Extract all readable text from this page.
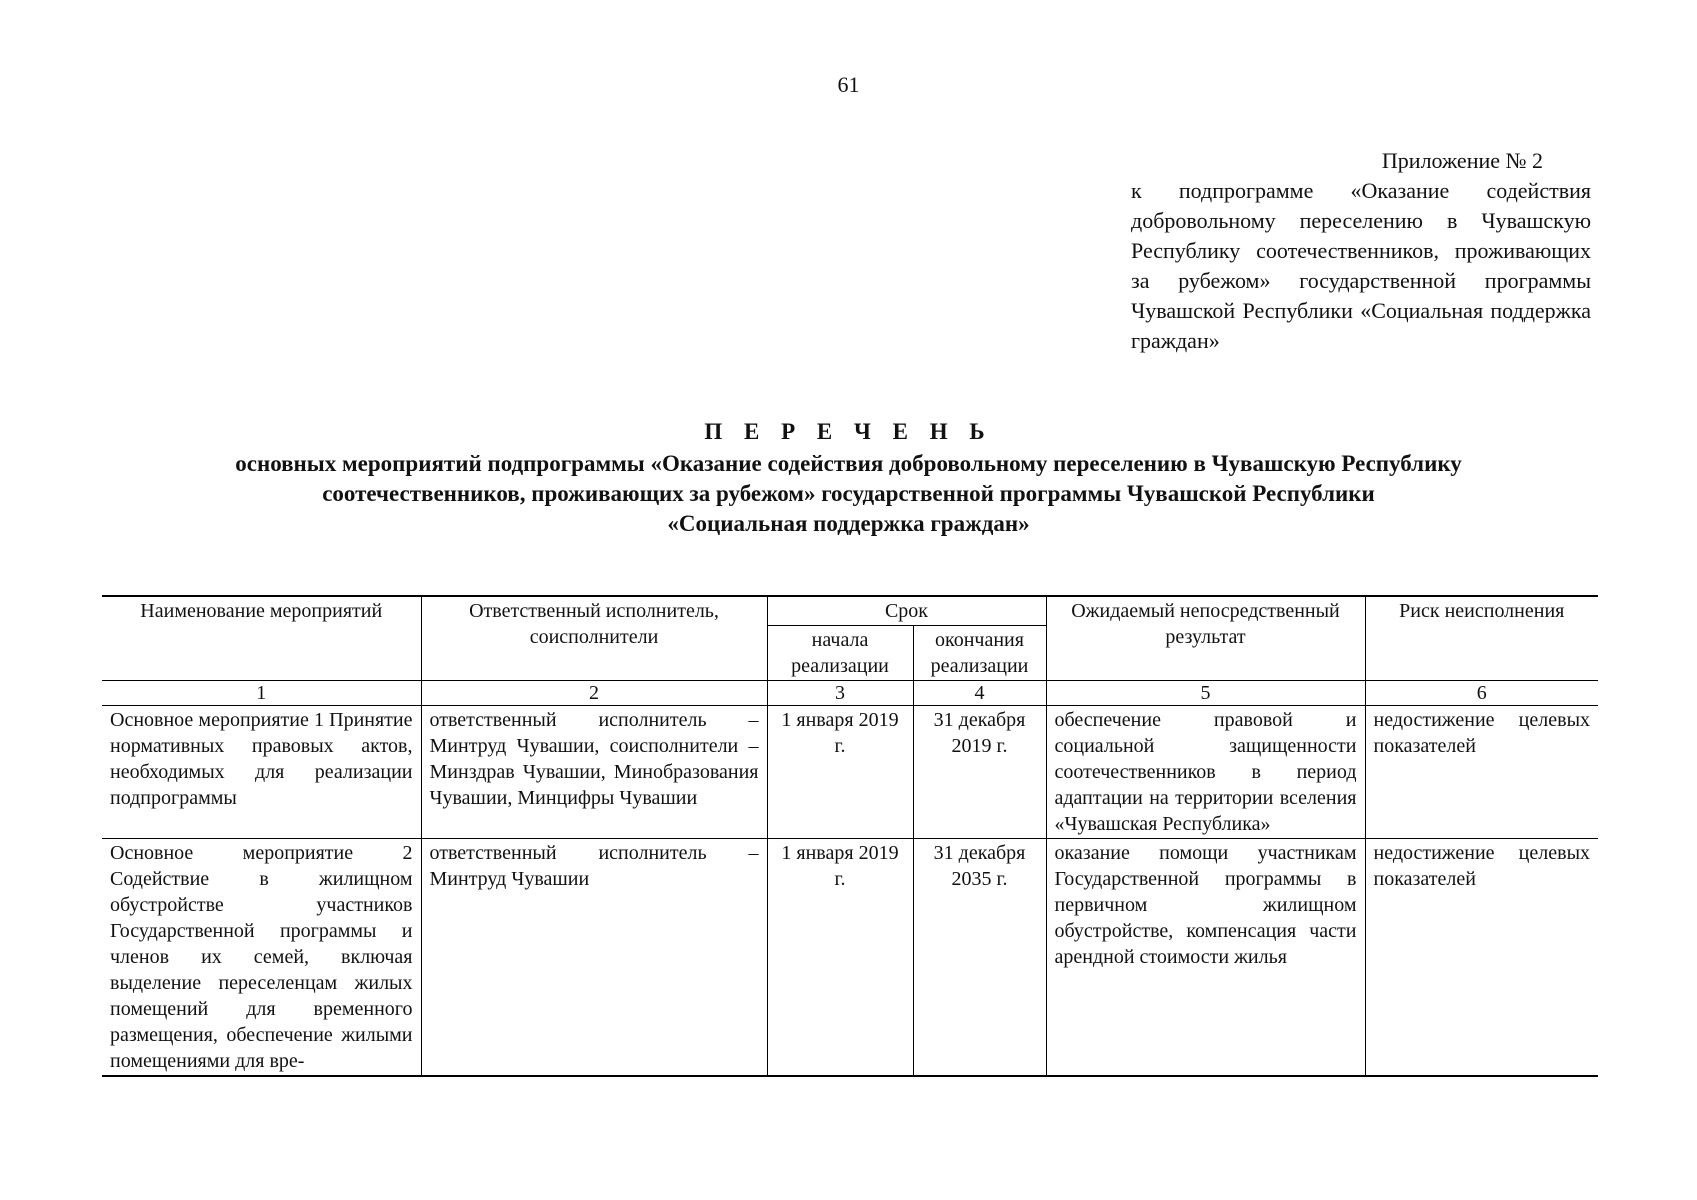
61
Приложение № 2
к подпрограмме «Оказание содействия добровольному переселению в Чувашскую Республику соотечественников, проживающих за рубежом» государственной программы Чувашской Республики «Социальная поддержка граждан»
П Е Р Е Ч Е Н Ь
основных мероприятий подпрограммы «Оказание содействия добровольному переселению в Чувашскую Республику
соотечественников, проживающих за рубежом» государственной программы Чувашской Республики
«Социальная поддержка граждан»
Наименование мероприятий	Ответственный исполнитель, соисполнители	Срок		Ожидаемый непосредственный результат	Риск неисполнения
		начала реализации	окончания реализации		
1	2	3	4	5	6
Основное мероприятие 1 Принятие нормативных правовых актов, необходимых для реализации подпрограммы	ответственный исполнитель – Минтруд Чувашии, соисполнители – Минздрав Чувашии, Минобразования Чувашии, Минцифры Чувашии	1 января 2019 г.	31 декабря 2019 г.	обеспечение правовой и социальной защищенности соотечественников в период адаптации на территории вселения «Чувашская Республика»	недостижение целевых показателей
Основное мероприятие 2 Содействие в жилищном обустройстве участников Государственной программы и членов их семей, включая выделение переселенцам жилых помещений для временного размещения, обеспечение жилыми помещениями для вре-	ответственный исполнитель – Минтруд Чувашии	1 января 2019 г.	31 декабря 2035 г.	оказание помощи участникам Государственной программы в первичном жилищном обустройстве, компенсация части арендной стоимости жилья	недостижение целевых показателей
